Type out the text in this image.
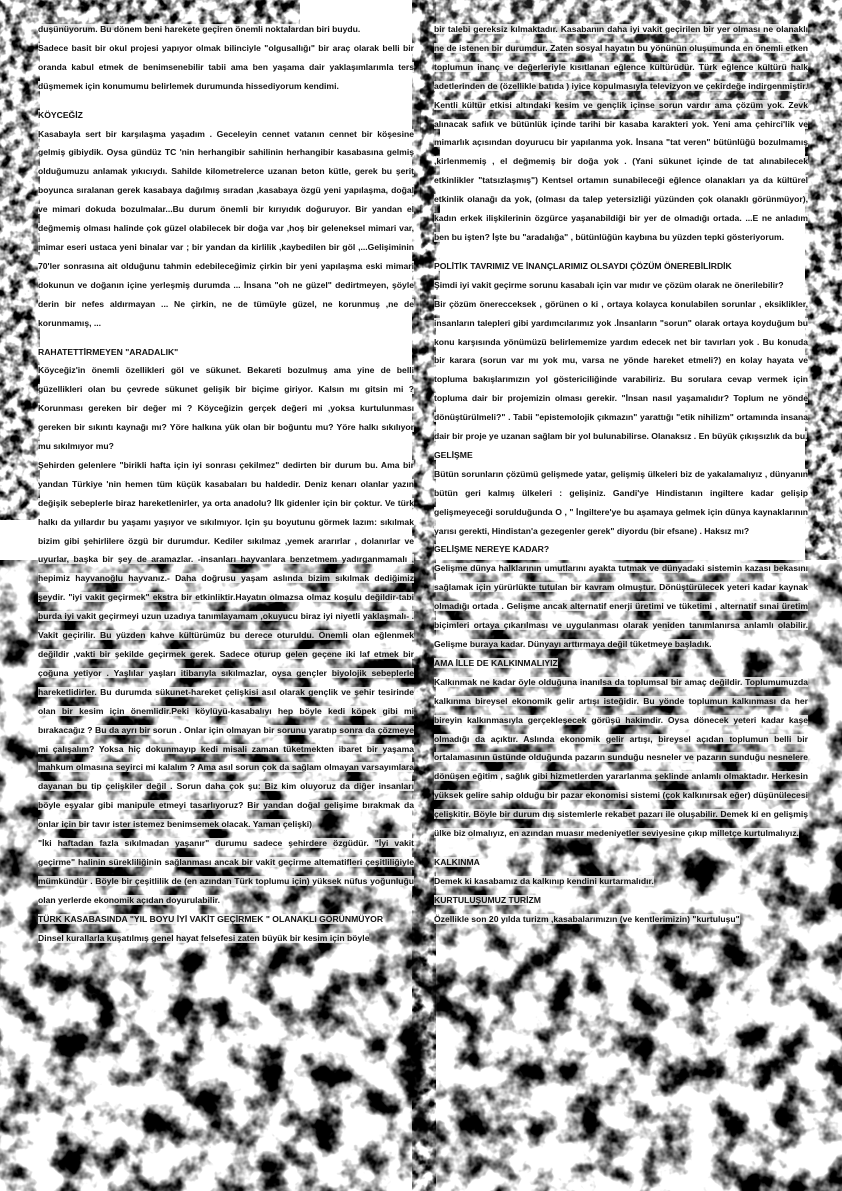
duşünüyorum. Bu dönem beni harekete geçiren önemli noktalardan biri buydu.

Sadece basit bir okul projesi yapıyor olmak bilinciyle "olgusallığı" bir araç olarak belli bir oranda kabul etmek de benimsenebilir tabii ama ben yaşama dair yaklaşımlarımla ters düşmemek için konumumu belirlemek durumunda hissediyorum kendimi.

KÖYCEĞİZ

Kasabayla sert bir karşılaşma yaşadım . Geceleyin cennet vatanın cennet bir köşesine gelmiş gibiydik. Oysa gündüz TC 'nin herhangibir sahilinin herhangibir kasabasına gelmiş olduğumuzu anlamak yıkıcıydı. Sahilde kilometrelerce uzanan beton kütle, gerek bu şerit boyunca sıralanan gerek kasabaya dağılmış sıradan ,kasabaya özgü yeni yapılaşma, doğal ve mimari dokuda bozulmalar...Bu durum önemli bir kırıyıdık doğuruyor. Bir yandan el değmemiş olması halinde çok güzel olabilecek bir doğa var ,hoş bir geleneksel mimari var, mimar eseri ustaca yeni binalar var ; bir yandan da kirlilik ,kaybedilen bir göl ,...Gelişiminin 70'ler sonrasına ait olduğunu tahmin edebileceğimiz çirkin bir yeni yapılaşma eski mimari dokunun ve doğanın içine yerleşmiş durumda ... İnsana "oh ne güzel" dedirtmeyen, şöyle derin bir nefes aldırmayan ... Ne çirkin, ne de tümüyle güzel, ne korunmuş ,ne de korunmamış, ...

RAHATETTİRMEYEN "ARADALIK"

Köyceğiz'in önemli özellikleri göl ve sükunet. Bekareti bozulmuş ama yine de belli güzellikleri olan bu çevrede sükunet gelişik bir biçime giriyor. Kalsın mı gitsin mi ? Korunması gereken bir değer mi ? Köyceğizin gerçek değeri mi ,yoksa kurtulunması gereken bir sıkıntı kaynağı mı? Yöre halkına yük olan bir boğuntu mu? Yöre halkı sıkılıyor mu sıkılmıyor mu?

Şehirden gelenlere "birikli hafta için iyi sonrası çekilmez" dedirten bir durum bu. Ama bir yandan Türkiye 'nin hemen tüm küçük kasabaları bu haldedir. Deniz kenarı olanlar yazın değişik sebeplerle biraz hareketlenirler, ya orta anadolu? İlk gidenler için bir çoktur. Ve türk halkı da yıllardır bu yaşamı yaşıyor ve sıkılmıyor. Için şu boyutunu görmek lazım: sıkılmak bizim gibi şehirlilere özgü bir durumdur. Kediler sıkılmaz ,yemek ararırlar , dolanırlar ve uyurlar, başka bir şey de aramazlar. -insanları hayvanlara benzetmem yadırganmamalı , hepimiz hayvanoğlu hayvanız.- Daha doğrusu yaşam aslında bizim sıkılmak dediğimiz şeydir. "iyi vakit geçirmek" ekstra bir etkinliktir.Hayatın olmazsa olmaz koşulu değildir-tabi burda iyi vakit geçirmeyi uzun uzadıya tanımlayamam ,okuyucu biraz iyi niyetli yaklaşmalı- . Vakit geçirilir. Bu yüzden kahve kültürümüz bu derece oturuldu. Önemli olan eğlenmek değildir ,vakti bir şekilde geçirmek gerek. Sadece oturup gelen geçene iki laf etmek bir çoğuna yetiyor . Yaşlılar yaşları itibarıyla sıkılmazlar, oysa gençler biyolojik sebeplerle hareketlidirler. Bu durumda sükunet-hareket çelişkisi asıl olarak gençlik ve şehir tesirinde olan bir kesim için önemlidir.Peki köylüyü-kasabalıyı hep böyle kedi köpek gibi mi bırakacağız ? Bu da ayrı bir sorun . Onlar için olmayan bir sorunu yaratıp sonra da çözmeye mi çalışalım? Yoksa hiç dokunmayıp kedi misali zaman tüketmekten ibaret bir yaşama mahkum olmasına seyirci mi kalalım ? Ama asıl sorun çok da sağlam olmayan varsayımlara dayanan bu tip çelişkiler değil . Sorun daha çok şu: Biz kim oluyoruz da diğer insanları böyle eşyalar gibi manipule etmeyi tasarlıyoruz? Bir yandan doğal gelişime bırakmak da onlar için bir tavır ister istemez benimsemek olacak. Yaman çelişki)

"İki haftadan fazla sıkılmadan yaşanır" durumu sadece şehirdere özgüdür. "İyi vakit geçirme" halinin sürekliliğinin sağlanması ancak bir vakit geçirme altematifleri çeşitliliğiyle mümkündür . Böyle bir çeşitlilik de (en azından Türk toplumu için) yüksek nüfus yoğunluğu olan yerlerde ekonomik açıdan doyurulabilir.

TÜRK KASABASINDA "YIL BOYU İYİ VAKİT GEÇİRMEK " OLANAKLI GÖRÜNMÜYOR

Dinsel kurallarla kuşatılmış genel hayat felsefesi zaten büyük bir kesim için böyle

bir talebi gereksiz kılmaktadır. Kasabanın daha iyi vakit geçirilen bir yer olması ne olanaklı ne de istenen bir durumdur. Zaten sosyal hayatın bu yönünün oluşumunda en önemli etken toplumun inanç ve değerleriyle kısıtlanan eğlence kültürüdür. Türk eğlence kültürü halk adetlerinden de (özellikle batıda ) iyice kopulmasıyla televizyon ve çekirdeğe indirgenmiştir.

Kentli kültür etkisi altındaki kesim ve gençlik içinse sorun vardır ama çözüm yok. Zevk alınacak safiık ve bütünlük içinde tarihi bir kasaba karakteri yok. Yeni ama çehirci'lik ve mimarlık açısından doyurucu bir yapılanma yok. İnsana "tat veren" bütünlüğü bozulmamış ,kirlenmemiş , el değmemiş bir doğa yok . (Yani sükunet içinde de tat alınabilecek etkinlikler "tatsızlaşmış") Kentsel ortamın sunabileceği eğlence olanakları ya da kültürel etkinlik olanağı da yok, (olması da talep yetersizliği yüzünden çok olanaklı görünmüyor), kadın erkek ilişkilerinin özgürce yaşanabildiği bir yer de olmadığı ortada. ...E ne anladım ben bu işten? İşte bu "aradalığa" , bütünlüğün kaybına bu yüzden tepki gösteriyorum.

POLİTİK TAVRIMIZ VE İNANÇLARIMIZ OLSAYDI ÇÖZÜM ÖNEREBİLİRDİK

Şimdi iyi vakit geçirme sorunu kasabalı için var mıdır ve çözüm olarak ne önerilebilir?

Bir çözüm önerecceksek , görünen o ki , ortaya kolayca konulabilen sorunlar , eksiklikler, insanların talepleri gibi yardımcılarımız yok .İnsanların "sorun" olarak ortaya koyduğum bu konu karşısında yönümüzü belirlememize yardım edecek net bir tavırları yok . Bu konuda bir karara (sorun var mı yok mu, varsa ne yönde hareket etmeli?) en kolay hayata ve topluma bakışlarımızın yol göstericiliğinde varabiliriz. Bu sorulara cevap vermek için topluma dair bir projemizin olması gerekir. "İnsan nasıl yaşamalıdır? Toplum ne yönde dönüştürülmeli?" . Tabii "epistemolojik çıkmazın" yarattığı "etik nihilizm" ortamında insana dair bir proje ye uzanan sağlam bir yol bulunabilirse. Olanaksız . En büyük çıkışsızlık da bu.

GELİŞME

Bütün sorunların çözümü gelişmede yatar, gelişmiş ülkeleri biz de yakalamalıyız , dünyanın bütün geri kalmış ülkeleri : gelişiniz. Gandi'ye Hindistanın ingiltere kadar gelişip gelişmeyeceği sorulduğunda O , " İngiltere'ye bu aşamaya gelmek için dünya kaynaklarının yarısı gerekti, Hindistan'a gezegenler gerek" diyordu (bir efsane) . Haksız mı?

GELİŞME NEREYE KADAR?

Gelişme dünya halklarının umutlarını ayakta tutmak ve dünyadaki sistemin kazası bekasını sağlamak için yürürlükte tutulan bir kavram olmuştur. Dönüştürülecek yeteri kadar kaynak olmadığı ortada . Gelişme ancak alternatif enerji üretimi ve tüketimi , alternatif sınai üretim biçimleri ortaya çıkarılması ve uygulanması olarak yeniden tanımlanırsa anlamlı olabilir. Gelişme buraya kadar. Dünyayı arttırmaya değil tüketmeye başladık.

AMA İLLE DE KALKINMALIYIZ

Kalkınmak ne kadar öyle olduğuna inanılsa da toplumsal bir amaç değildir. Toplumumuzda kalkınma bireysel ekonomik gelir artışı isteğidir. Bu yönde toplumun kalkınması da her bireyin kalkınmasıyla gerçekleşecek görüşü hakimdir. Oysa dönecek yeteri kadar kaşe olmadığı da açıktır. Aslında ekonomik gelir artışı, bireysel açıdan toplumun belli bir ortalamasının üstünde olduğunda pazarın sunduğu nesneler ve pazarın sunduğu nesnelere dönüşen eğitim , sağlık gibi hizmetlerden yararlanma şeklinde anlamlı olmaktadır. Herkesin yüksek gelire sahip olduğu bir pazar ekonomisi sistemi (çok kalkınırsak eğer) düşünülecesi çelişkitir. Böyle bir durum dış sistemlerle rekabet pazarı ile oluşabilir. Demek ki en gelişmiş ülke biz olmalıyız, en azından muasır medeniyetler seviyesine çıkıp milletçe kurtulmalıyız.

KALKINMA

Demek ki kasabamız da kalkınıp kendini kurtarmalıdır.

KURTULUŞUMUZ TURİZM

Özellikle son 20 yılda turizm ,kasabalarımızın (ve kentlerimizin) "kurtuluşu"
